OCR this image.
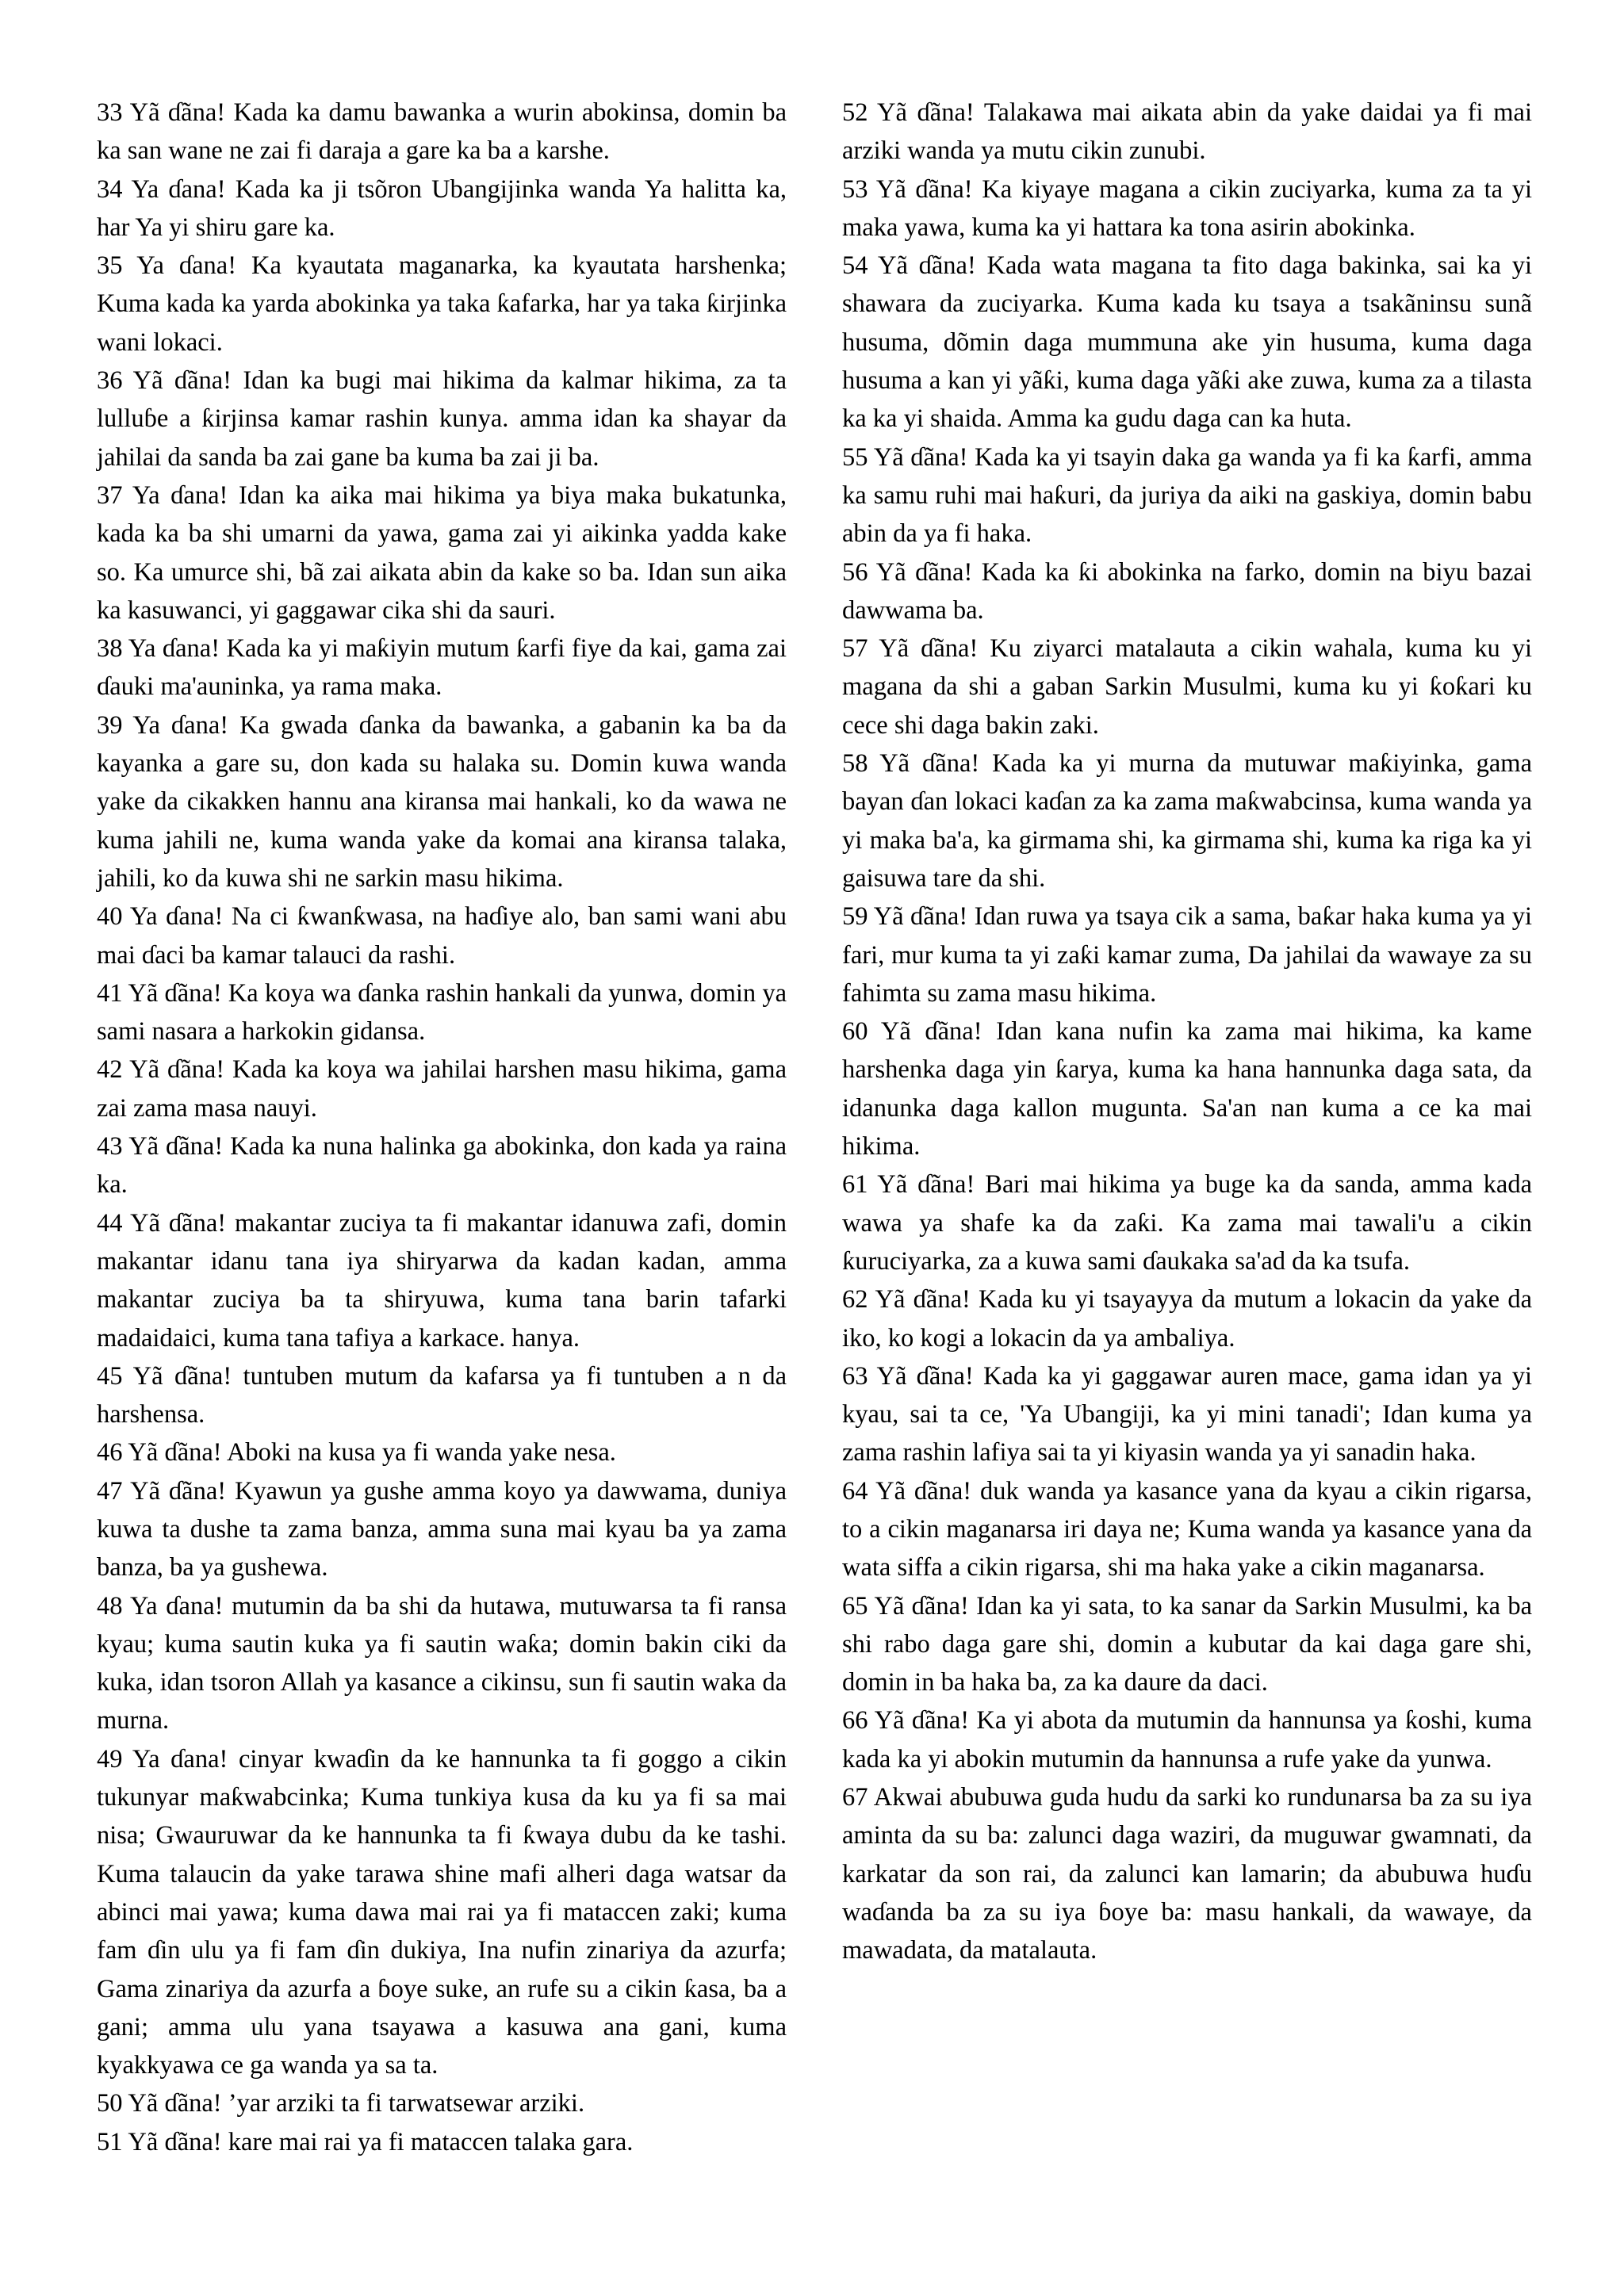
33 Yã ɗãna! Kada ka damu bawanka a wurin abokinsa, domin ba ka san wane ne zai fi daraja a gare ka ba a karshe.

34 Ya ɗana! Kada ka ji tsõron Ubangijinka wanda Ya halitta ka, har Ya yi shiru gare ka.

35 Ya ɗana! Ka kyautata maganarka, ka kyautata harshenka; Kuma kada ka yarda abokinka ya taka ƙafarka, har ya taka ƙirjinka wani lokaci.

36 Yã ɗãna! Idan ka bugi mai hikima da kalmar hikima, za ta lulluɓe a ƙirjinsa kamar rashin kunya. amma idan ka shayar da jahilai da sanda ba zai gane ba kuma ba zai ji ba.

37 Ya ɗana! Idan ka aika mai hikima ya biya maka bukatunka, kada ka ba shi umarni da yawa, gama zai yi aikinka yadda kake so. Ka umurce shi, bã zai aikata abin da kake so ba. Idan sun aika ka kasuwanci, yi gaggawar cika shi da sauri.

38 Ya ɗana! Kada ka yi maƙiyin mutum ƙarfi fiye da kai, gama zai ɗauki ma'auninka, ya rama maka.

39 Ya ɗana! Ka gwada ɗanka da bawanka, a gabanin ka ba da kayanka a gare su, don kada su halaka su. Domin kuwa wanda yake da cikakken hannu ana kiransa mai hankali, ko da wawa ne kuma jahili ne, kuma wanda yake da komai ana kiransa talaka, jahili, ko da kuwa shi ne sarkin masu hikima.

40 Ya ɗana! Na ci ƙwanƙwasa, na haɗiye alo, ban sami wani abu mai ɗaci ba kamar talauci da rashi.

41 Yã ɗãna! Ka koya wa ɗanka rashin hankali da yunwa, domin ya sami nasara a harkokin gidansa.

42 Yã ɗãna! Kada ka koya wa jahilai harshen masu hikima, gama zai zama masa nauyi.

43 Yã ɗãna! Kada ka nuna halinka ga abokinka, don kada ya raina ka.

44 Yã ɗãna! makantar zuciya ta fi makantar idanuwa zafi, domin makantar idanu tana iya shiryarwa da kadan kadan, amma makantar zuciya ba ta shiryuwa, kuma tana barin tafarki madaidaici, kuma tana tafiya a karkace. hanya.

45 Yã ɗãna! tuntuben mutum da kafarsa ya fi tuntuben a n da harshensa.

46 Yã ɗãna! Aboki na kusa ya fi wanda yake nesa.

47 Yã ɗãna! Kyawun ya gushe amma koyo ya dawwama, duniya kuwa ta dushe ta zama banza, amma suna mai kyau ba ya zama banza, ba ya gushewa.

48 Ya ɗana! mutumin da ba shi da hutawa, mutuwarsa ta fi ransa kyau; kuma sautin kuka ya fi sautin waƙa; domin bakin ciki da kuka, idan tsoron Allah ya kasance a cikinsu, sun fi sautin waka da murna.

49 Ya ɗana! cinyar kwaɗin da ke hannunka ta fi goggo a cikin tukunyar maƙwabcinka; Kuma tunkiya kusa da ku ya fi sa mai nisa; Gwauruwar da ke hannunka ta fi ƙwaya dubu da ke tashi. Kuma talaucin da yake tarawa shine mafi alheri daga watsar da abinci mai yawa; kuma dawa mai rai ya fi mataccen zaki; kuma fam ɗin ulu ya fi fam ɗin dukiya, Ina nufin zinariya da azurfa; Gama zinariya da azurfa a ɓoye suke, an rufe su a cikin ƙasa, ba a gani; amma ulu yana tsayawa a kasuwa ana gani, kuma kyakkyawa ce ga wanda ya sa ta.

50 Yã ɗãna! ’yar arziki ta fi tarwatsewar arziki.

51 Yã ɗãna! kare mai rai ya fi mataccen talaka gara.

52 Yã ɗãna! Talakawa mai aikata abin da yake daidai ya fi mai arziki wanda ya mutu cikin zunubi.

53 Yã ɗãna! Ka kiyaye magana a cikin zuciyarka, kuma za ta yi maka yawa, kuma ka yi hattara ka tona asirin abokinka.

54 Yã ɗãna! Kada wata magana ta fito daga bakinka, sai ka yi shawara da zuciyarka. Kuma kada ku tsaya a tsakãninsu sunã husuma, dõmin daga mummuna ake yin husuma, kuma daga husuma a kan yi yãƙi, kuma daga yãƙi ake zuwa, kuma za a tilasta ka ka yi shaida. Amma ka gudu daga can ka huta.

55 Yã ɗãna! Kada ka yi tsayin daka ga wanda ya fi ka ƙarfi, amma ka samu ruhi mai haƙuri, da juriya da aiki na gaskiya, domin babu abin da ya fi haka.

56 Yã ɗãna! Kada ka ƙi abokinka na farko, domin na biyu bazai dawwama ba.

57 Yã ɗãna! Ku ziyarci matalauta a cikin wahala, kuma ku yi magana da shi a gaban Sarkin Musulmi, kuma ku yi ƙoƙari ku cece shi daga bakin zaki.

58 Yã ɗãna! Kada ka yi murna da mutuwar maƙiyinka, gama bayan ɗan lokaci kaɗan za ka zama maƙwabcinsa, kuma wanda ya yi maka ba'a, ka girmama shi, ka girmama shi, kuma ka riga ka yi gaisuwa tare da shi.

59 Yã ɗãna! Idan ruwa ya tsaya cik a sama, baƙar haka kuma ya yi fari, mur kuma ta yi zaƙi kamar zuma, Da jahilai da wawaye za su fahimta su zama masu hikima.

60 Yã ɗãna! Idan kana nufin ka zama mai hikima, ka kame harshenka daga yin ƙarya, kuma ka hana hannunka daga sata, da idanunka daga kallon mugunta. Sa'an nan kuma a ce ka mai hikima.

61 Yã ɗãna! Bari mai hikima ya buge ka da sanda, amma kada wawa ya shafe ka da zaƙi. Ka zama mai tawali'u a cikin ƙuruciyarka, za a kuwa sami ɗaukaka sa'ad da ka tsufa.

62 Yã ɗãna! Kada ku yi tsayayya da mutum a lokacin da yake da iko, ko kogi a lokacin da ya ambaliya.

63 Yã ɗãna! Kada ka yi gaggawar auren mace, gama idan ya yi kyau, sai ta ce, 'Ya Ubangiji, ka yi mini tanadi'; Idan kuma ya zama rashin lafiya sai ta yi kiyasin wanda ya yi sanadin haka.

64 Yã ɗãna! duk wanda ya kasance yana da kyau a cikin rigarsa, to a cikin maganarsa iri daya ne; Kuma wanda ya kasance yana da wata siffa a cikin rigarsa, shi ma haka yake a cikin maganarsa.

65 Yã ɗãna! Idan ka yi sata, to ka sanar da Sarkin Musulmi, ka ba shi rabo daga gare shi, domin a kubutar da kai daga gare shi, domin in ba haka ba, za ka daure da daci.

66 Yã ɗãna! Ka yi abota da mutumin da hannunsa ya ƙoshi, kuma kada ka yi abokin mutumin da hannunsa a rufe yake da yunwa.

67 Akwai abubuwa guda hudu da sarki ko rundunarsa ba za su iya aminta da su ba: zalunci daga waziri, da muguwar gwamnati, da karkatar da son rai, da zalunci kan lamarin; da abubuwa huɗu waɗanda ba za su iya ɓoye ba: masu hankali, da wawaye, da mawadata, da matalauta.
